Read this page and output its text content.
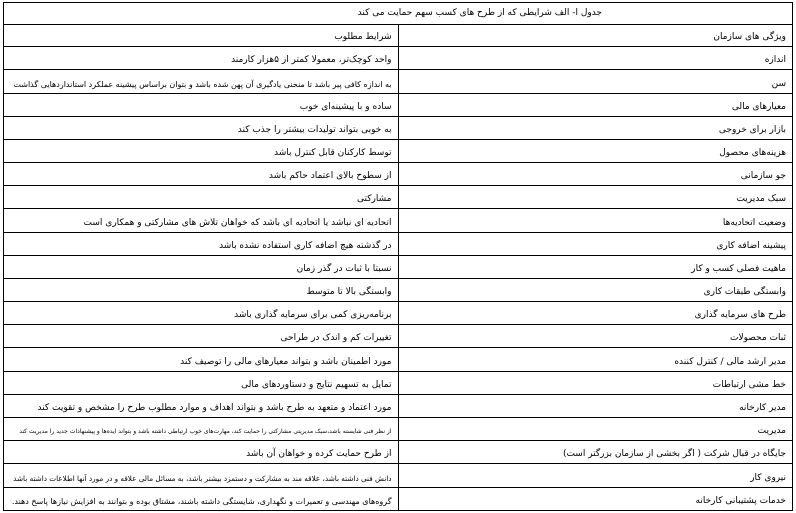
جدول ا- الف شرایطی که از طرح های کسب سهم حمایت می کند	
ویژگی های سازمان	شرایط مطلوب
اندازه	واحد کوچک‌تر، معمولا کمتر از ۵هزار کارمند
سن	به اندازه کافی پیر باشد تا منحنی یادگیری آن پهن شده باشد و بتوان براساس پیشینه عملکرد استانداردهایی گذاشت
معیارهای مالی	ساده و با پیشینه‌ای خوب
بازار برای خروجی	به خوبی بتواند تولیدات بیشتر را جذب کند
هزینه‌های محصول	توسط کارکنان قابل کنترل باشد
جو سازمانی	از سطوح بالای اعتماد حاکم باشد
سبک مدیریت	مشارکتی
وضعیت اتحادیه‌ها	اتحادیه ای نباشد یا اتحادیه ای باشد که خواهان تلاش های مشارکتی و همکاری است
پیشینه اضافه کاری	در گذشته هیچ اضافه کاری استفاده نشده باشد
ماهیت فصلی کسب و کار	نسبتا با ثبات در گذر زمان
وابستگی طبقات کاری	وابستگی بالا تا متوسط
طرح های سرمایه گذاری	برنامه‌ریزی کمی برای سرمایه گذاری باشد
ثبات محصولات	تغییرات کم و اندک در طراحی
مدیر ارشد مالی / کنترل کننده	مورد اطمینان باشد و بتواند معیارهای مالی را توصیف کند
خط مشی ارتباطات	تمایل به تسهیم نتایج و دستاوردهای مالی
مدیر کارخانه	مورد اعتماد و متعهد به طرح باشد و بتواند اهداف و موارد مطلوب طرح را مشخص و تقویت کند
مدیریت	از نظر فنی شایسته باشد،سبک مدیریتی مشارکتی را حمایت کند، مهارت‌های خوب ارتباطی داشته باشد و بتواند ایده‌ها و پیشنهادات جدید را مدیریت کند
جایگاه در قبال شرکت ( اگر بخشی از سازمان بزرگتر است)	از طرح حمایت کرده و خواهان آن باشد
نیروی کار	دانش فنی داشته باشد، علاقه مند به مشارکت و دستمزد بیشتر باشد، به مسائل مالی علاقه و در مورد آنها اطلاعات داشته باشد
خدمات پشتیبانی کارخانه	گروه‌های مهندسی و تعمیرات و نگهداری، شایستگی داشته باشند، مشتاق بوده و بتوانند به افزایش نیازها پاسخ دهند.
